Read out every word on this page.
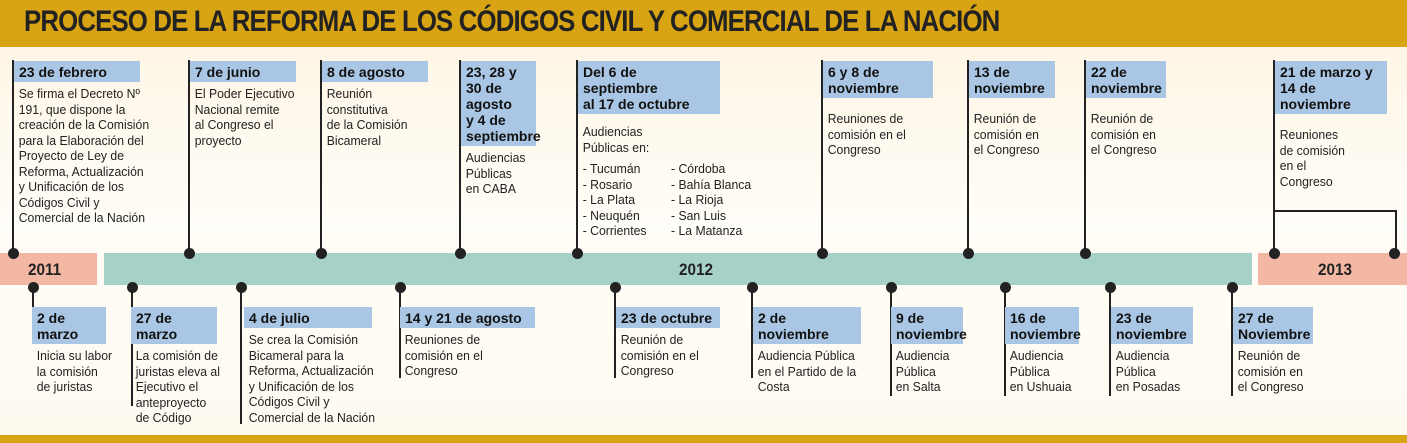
PROCESO DE LA REFORMA DE LOS CÓDIGOS CIVIL Y COMERCIAL DE LA NACIÓN
2011	2012	2013
23 de febrero
Se firma el Decreto Nº
191, que dispone la
creación de la Comisión
para la Elaboración del
Proyecto de Ley de
Reforma, Actualización
y Unificación de los
Códigos Civil y
Comercial de la Nación
7 de junio
El Poder Ejecutivo
Nacional remite
al Congreso el
proyecto
8 de agosto
Reunión
constitutiva
de la Comisión
Bicameral
23, 28 y
30 de agosto
y 4 de
septiembre
Audiencias
Públicas
en CABA
Del 6 de septiembre
al 17 de octubre
Audiencias
Públicas en:
- Tucumán
- Rosario
- La Plata
- Neuquén
- Corrientes
- Córdoba
- Bahía Blanca
- La Rioja
- San Luis
- La Matanza
6 y 8 de
noviembre
Reuniones de
comisión en el
Congreso
13 de
noviembre
Reunión de
comisión en
el Congreso
22 de
noviembre
Reunión de
comisión en
el Congreso
21 de marzo y
14 de noviembre
Reuniones
de comisión
en el
Congreso
2 de marzo
Inicia su labor
la comisión
de juristas
27 de marzo
La comisión de
juristas eleva al
Ejecutivo el
anteproyecto
de Código
4 de julio
Se crea la Comisión
Bicameral para la
Reforma, Actualización
y Unificación de los
Códigos Civil y
Comercial de la Nación
14 y 21 de agosto
Reuniones de
comisión en el
Congreso
23 de octubre
Reunión de
comisión en el
Congreso
2 de noviembre
Audiencia Pública
en el Partido de la
Costa
9 de
noviembre
Audiencia
Pública
en Salta
16 de
noviembre
Audiencia
Pública
en Ushuaia
23 de
noviembre
Audiencia
Pública
en Posadas
27 de
Noviembre
Reunión de
comisión en
el Congreso
